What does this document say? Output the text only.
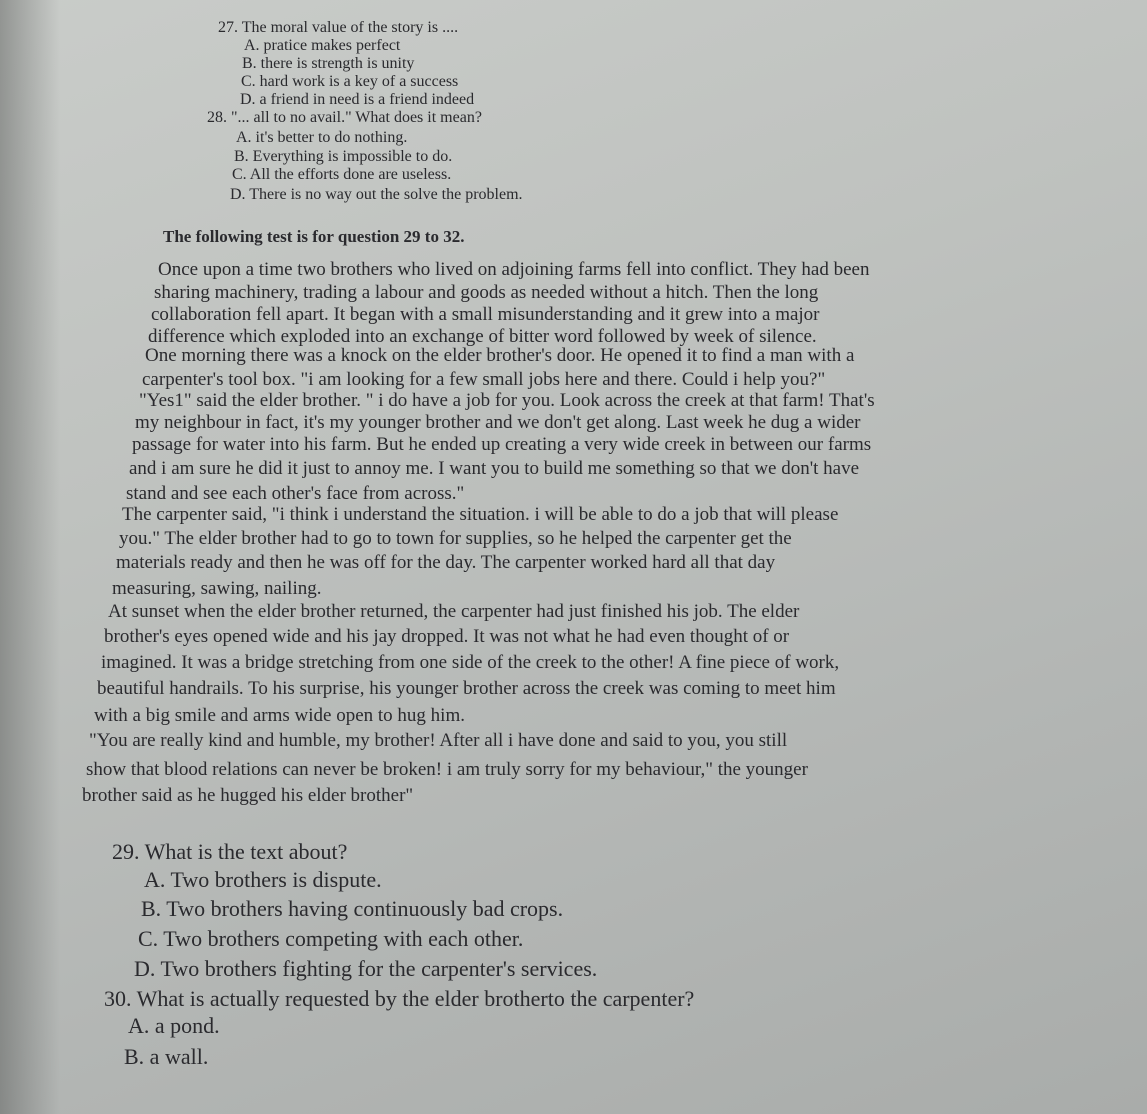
27. The moral value of the story is ....
A. pratice makes perfect
B. there is strength is unity
C. hard work is a key of a success
D. a friend in need is a friend indeed
28. "... all to no avail." What does it mean?
A. it's better to do nothing.
B. Everything is impossible to do.
C. All the efforts done are useless.
D. There is no way out the solve the problem.
The following test is for question 29 to 32.
Once upon a time two brothers who lived on adjoining farms fell into conflict. They had been
sharing machinery, trading a labour and goods as needed without a hitch. Then the long
collaboration fell apart. It began with a small misunderstanding and it grew into a major
difference which exploded into an exchange of bitter word followed by week of silence.
One morning there was a knock on the elder brother's door. He opened it to find a man with a
carpenter's tool box. "i am looking for a few small jobs here and there. Could i help you?"
"Yes1" said the elder brother. " i do have a job for you. Look across the creek at that farm! That's
my neighbour in fact, it's my younger brother and we don't get along. Last week he dug a wider
passage for water into his farm. But he ended up creating a very wide creek in between our farms
and i am sure he did it just to annoy me. I want you to build me something so that we don't have
stand and see each other's face from across."
The carpenter said, "i think i understand the situation. i will be able to do a job that will please
you." The elder brother had to go to town for supplies, so he helped the carpenter get the
materials ready and then he was off for the day. The carpenter worked hard all that day
measuring, sawing, nailing.
At sunset when the elder brother returned, the carpenter had just finished his job. The elder
brother's eyes opened wide and his jay dropped. It was not what he had even thought of or
imagined. It was a bridge stretching from one side of the creek to the other! A fine piece of work,
beautiful handrails. To his surprise, his younger brother across the creek was coming to meet him
with a big smile and arms wide open to hug him.
"You are really kind and humble, my brother! After all i have done and said to you, you still
show that blood relations can never be broken! i am truly sorry for my behaviour," the younger
brother said as he hugged his elder brother"
29. What is the text about?
A. Two brothers is dispute.
B. Two brothers having continuously bad crops.
C. Two brothers competing with each other.
D. Two brothers fighting for the carpenter's services.
30. What is actually requested by the elder brotherto the carpenter?
A. a pond.
B. a wall.
